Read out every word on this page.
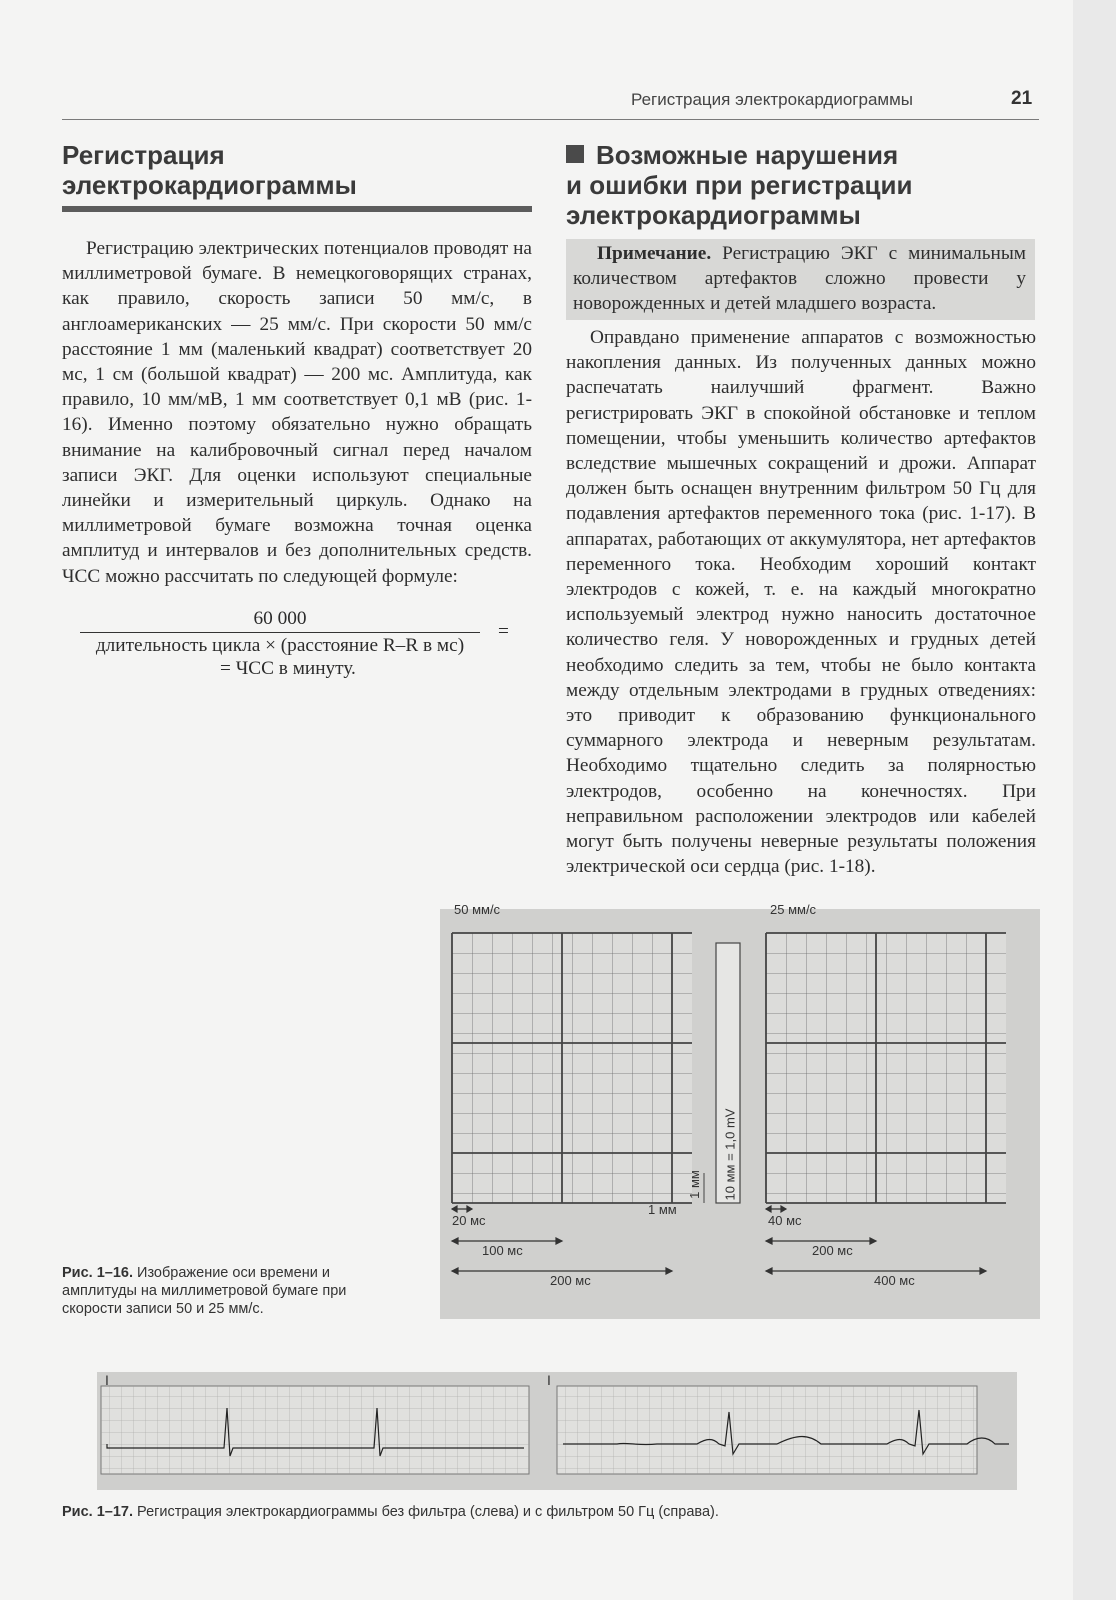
Регистрация электрокардиограммы	21
Регистрация
электрокардиограммы

Регистрацию электрических потенциалов проводят на миллиметровой бумаге. В немецкоговорящих странах, как правило, скорость записи 50 мм/с, в англоамериканских — 25 мм/с. При скорости 50 мм/с расстояние 1 мм (маленький квадрат) соответствует 20 мс, 1 см (большой квадрат) — 200 мс. Амплитуда, как правило, 10 мм/мВ, 1 мм соответствует 0,1 мВ (рис. 1-16). Именно поэтому обязательно нужно обращать внимание на калибровочный сигнал перед началом записи ЭКГ. Для оценки используют специальные линейки и измерительный циркуль. Однако на миллиметровой бумаге возможна точная оценка амплитуд и интервалов и без дополнительных средств. ЧСС можно рассчитать по следующей формуле:

60 000
длительность цикла × (расстояние R–R в мс)
=
= ЧСС в минуту.
Возможные нарушения
и ошибки при регистрации
электрокардиограммы

Примечание. Регистрацию ЭКГ с минимальным количеством артефактов сложно провести у новорожденных и детей младшего возраста.

Оправдано применение аппаратов с возможностью накопления данных. Из полученных данных можно распечатать наилучший фрагмент. Важно регистрировать ЭКГ в спокойной обстановке и теплом помещении, чтобы уменьшить количество артефактов вследствие мышечных сокращений и дрожи. Аппарат должен быть оснащен внутренним фильтром 50 Гц для подавления артефактов переменного тока (рис. 1-17). В аппаратах, работающих от аккумулятора, нет артефактов переменного тока. Необходим хороший контакт электродов с кожей, т. е. на каждый многократно используемый электрод нужно наносить достаточное количество геля. У новорожденных и грудных детей необходимо следить за тем, чтобы не было контакта между отдельным электродами в грудных отведениях: это приводит к образованию функционального суммарного электрода и неверным результатам. Необходимо тщательно следить за полярностью электродов, особенно на конечностях. При неправильном расположении электродов или кабелей могут быть получены неверные результаты положения электрической оси сердца (рис. 1-18).

50 мм/с	25 мм/с
10 мм = 1,0 mV
1 мм
1 мм
20 мс
100 мс
200 мс
40 мс
200 мс
400 мс
Рис. 1–16. Изображение оси времени и амплитуды на миллиметровой бумаге при скорости записи 50 и 25 мм/с.
I	I
Рис. 1–17. Регистрация электрокардиограммы без фильтра (слева) и с фильтром 50 Гц (справа).
